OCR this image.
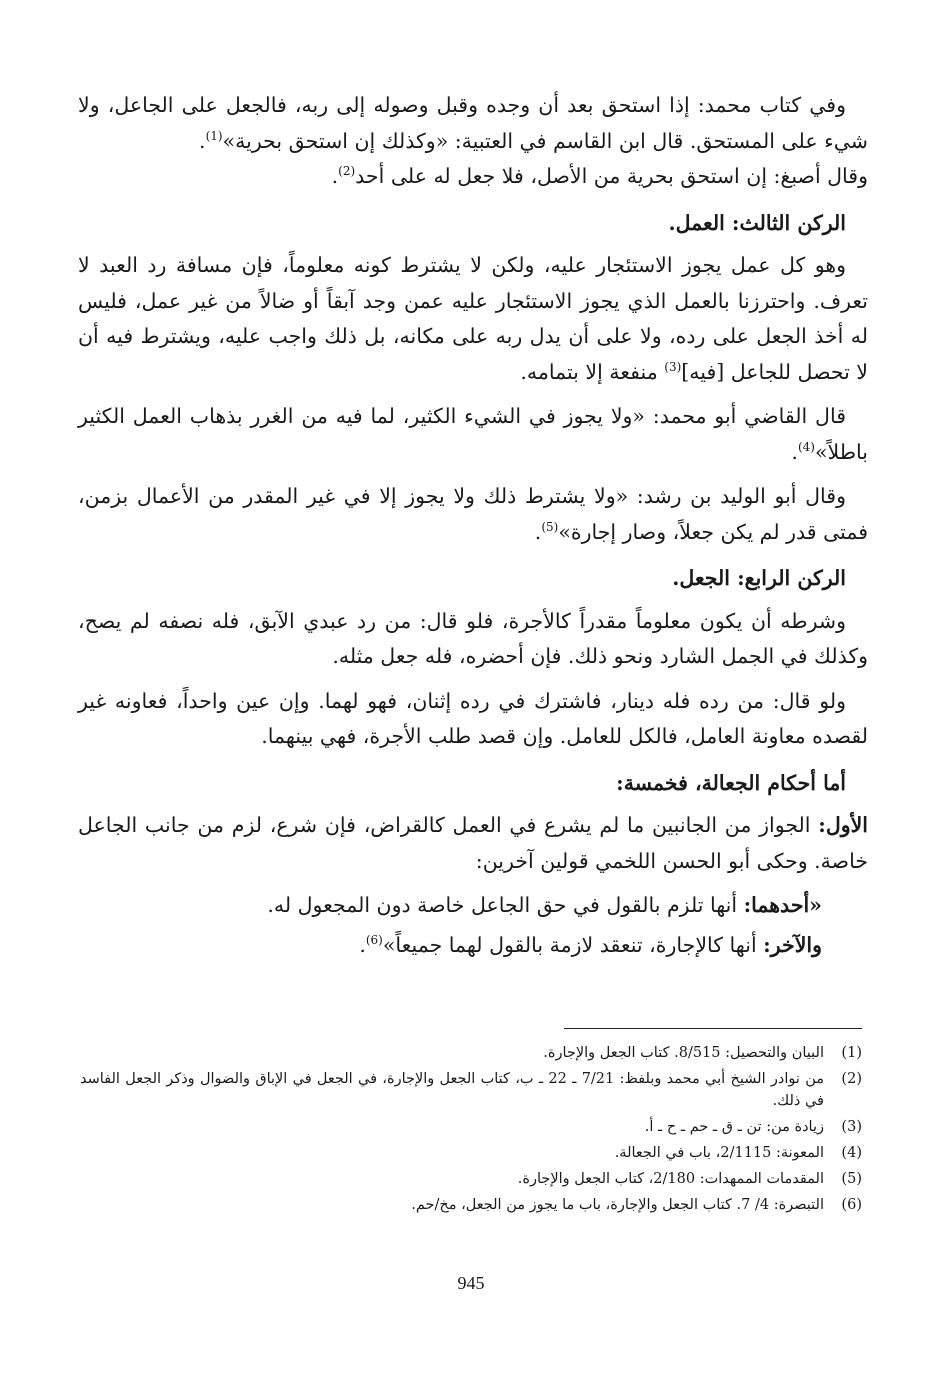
وفي كتاب محمد: إذا استحق بعد أن وجده وقبل وصوله إلى ربه، فالجعل على الجاعل، ولا شيء على المستحق. قال ابن القاسم في العتبية: «وكذلك إن استحق بحرية»$^{(1)}$.
وقال أصبغ: إن استحق بحرية من الأصل، فلا جعل له على أحد$^{(2)}$.

الركن الثالث: العمل.

وهو كل عمل يجوز الاستئجار عليه، ولكن لا يشترط كونه معلوماً، فإن مسافة رد العبد لا تعرف. واحترزنا بالعمل الذي يجوز الاستئجار عليه عمن وجد آبقاً أو ضالاً من غير عمل، فليس له أخذ الجعل على رده، ولا على أن يدل ربه على مكانه، بل ذلك واجب عليه، ويشترط فيه أن لا تحصل للجاعل [فيه]$^{(3)}$ منفعة إلا بتمامه.

قال القاضي أبو محمد: «ولا يجوز في الشيء الكثير، لما فيه من الغرر بذهاب العمل الكثير باطلاً»$^{(4)}$.

وقال أبو الوليد بن رشد: «ولا يشترط ذلك ولا يجوز إلا في غير المقدر من الأعمال بزمن، فمتى قدر لم يكن جعلاً، وصار إجارة»$^{(5)}$.

الركن الرابع: الجعل.

وشرطه أن يكون معلوماً مقدراً كالأجرة، فلو قال: من رد عبدي الآبق، فله نصفه لم يصح، وكذلك في الجمل الشارد ونحو ذلك. فإن أحضره، فله جعل مثله.

ولو قال: من رده فله دينار، فاشترك في رده إثنان، فهو لهما. وإن عين واحداً، فعاونه غير لقصده معاونة العامل، فالكل للعامل. وإن قصد طلب الأجرة، فهي بينهما.

أما أحكام الجعالة، فخمسة:

الأول: الجواز من الجانبين ما لم يشرع في العمل كالقراض، فإن شرع، لزم من جانب الجاعل خاصة. وحكى أبو الحسن اللخمي قولين آخرين:

«أحدهما: أنها تلزم بالقول في حق الجاعل خاصة دون المجعول له.
والآخر: أنها كالإجارة، تنعقد لازمة بالقول لهما جميعاً»$^{(6)}$.
(1)
البيان والتحصيل: 8/515. كتاب الجعل والإجارة.
(2)
من نوادر الشيخ أبي محمد وبلفظ: 7/21 ـ 22 ـ ب، كتاب الجعل والإجارة، في الجعل في الإباق والضوال وذكر الجعل الفاسد في ذلك.
(3)
زيادة من: تن ـ ق ـ حم ـ ح ـ أ.
(4)
المعونة: 2/1115، باب في الجعالة.
(5)
المقدمات الممهدات: 2/180، كتاب الجعل والإجارة.
(6)
التبصرة: 4/ 7. كتاب الجعل والإجارة، باب ما يجوز من الجعل، مخ/حم.
945
